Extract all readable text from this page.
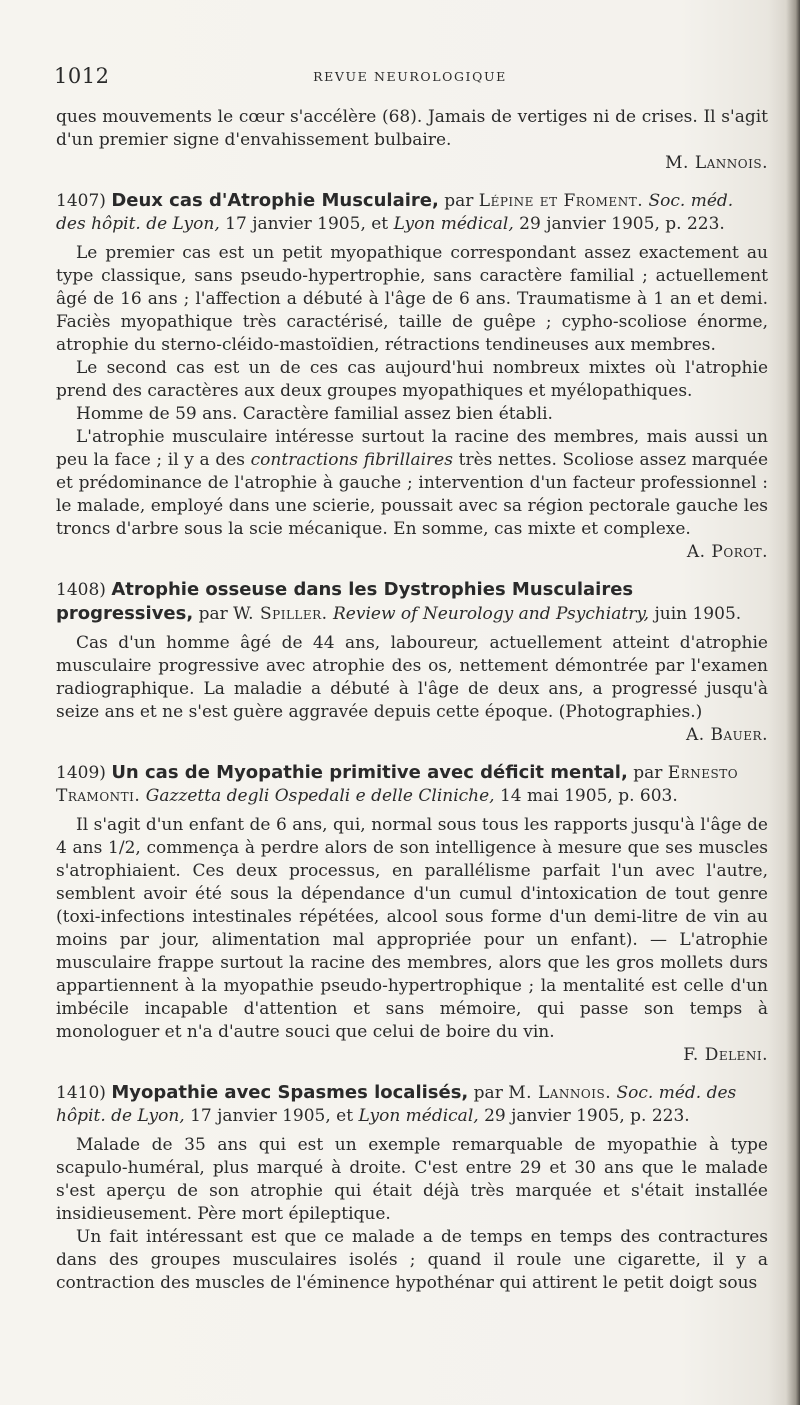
1012	REVUE NEUROLOGIQUE

ques mouvements le cœur s'accélère (68). Jamais de vertiges ni de crises. Il s'agit d'un premier signe d'envahissement bulbaire.

M. Lannois.

1407) Deux cas d'Atrophie Musculaire, par Lépine et Froment. Soc. méd. des hôpit. de Lyon, 17 janvier 1905, et Lyon médical, 29 janvier 1905, p. 223.

Le premier cas est un petit myopathique correspondant assez exactement au type classique, sans pseudo-hypertrophie, sans caractère familial ; actuellement âgé de 16 ans ; l'affection a débuté à l'âge de 6 ans. Traumatisme à 1 an et demi. Faciès myopathique très caractérisé, taille de guêpe ; cypho-scoliose énorme, atrophie du sterno-cléido-mastoïdien, rétractions tendineuses aux membres.

Le second cas est un de ces cas aujourd'hui nombreux mixtes où l'atrophie prend des caractères aux deux groupes myopathiques et myélopathiques.

Homme de 59 ans. Caractère familial assez bien établi.

L'atrophie musculaire intéresse surtout la racine des membres, mais aussi un peu la face ; il y a des contractions fibrillaires très nettes. Scoliose assez marquée et prédominance de l'atrophie à gauche ; intervention d'un facteur professionnel : le malade, employé dans une scierie, poussait avec sa région pectorale gauche les troncs d'arbre sous la scie mécanique. En somme, cas mixte et complexe.

A. Porot.

1408) Atrophie osseuse dans les Dystrophies Musculaires progressives, par W. Spiller. Review of Neurology and Psychiatry, juin 1905.

Cas d'un homme âgé de 44 ans, laboureur, actuellement atteint d'atrophie musculaire progressive avec atrophie des os, nettement démontrée par l'examen radiographique. La maladie a débuté à l'âge de deux ans, a progressé jusqu'à seize ans et ne s'est guère aggravée depuis cette époque. (Photographies.)

A. Bauer.

1409) Un cas de Myopathie primitive avec déficit mental, par Ernesto Tramonti. Gazzetta degli Ospedali e delle Cliniche, 14 mai 1905, p. 603.

Il s'agit d'un enfant de 6 ans, qui, normal sous tous les rapports jusqu'à l'âge de 4 ans 1/2, commença à perdre alors de son intelligence à mesure que ses muscles s'atrophiaient. Ces deux processus, en parallélisme parfait l'un avec l'autre, semblent avoir été sous la dépendance d'un cumul d'intoxication de tout genre (toxi-infections intestinales répétées, alcool sous forme d'un demi-litre de vin au moins par jour, alimentation mal appropriée pour un enfant). — L'atrophie musculaire frappe surtout la racine des membres, alors que les gros mollets durs appartiennent à la myopathie pseudo-hypertrophique ; la mentalité est celle d'un imbécile incapable d'attention et sans mémoire, qui passe son temps à monologuer et n'a d'autre souci que celui de boire du vin.

F. Deleni.

1410) Myopathie avec Spasmes localisés, par M. Lannois. Soc. méd. des hôpit. de Lyon, 17 janvier 1905, et Lyon médical, 29 janvier 1905, p. 223.

Malade de 35 ans qui est un exemple remarquable de myopathie à type scapulo-huméral, plus marqué à droite. C'est entre 29 et 30 ans que le malade s'est aperçu de son atrophie qui était déjà très marquée et s'était installée insidieusement. Père mort épileptique.

Un fait intéressant est que ce malade a de temps en temps des contractures dans des groupes musculaires isolés ; quand il roule une cigarette, il y a contraction des muscles de l'éminence hypothénar qui attirent le petit doigt sous
